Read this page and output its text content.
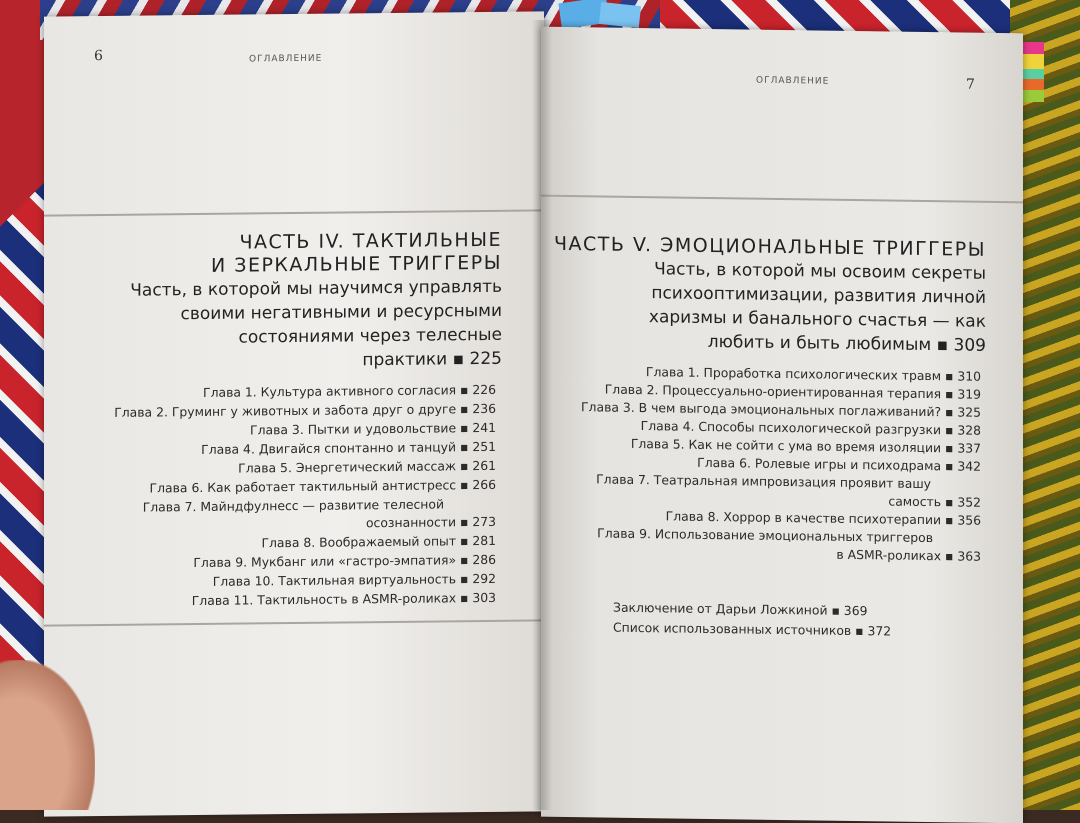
6	ОГЛАВЛЕНИЕ
ЧАСТЬ IV. ТАКТИЛЬНЫЕ
И ЗЕРКАЛЬНЫЕ ТРИГГЕРЫ
Часть, в которой мы научимся управлять
своими негативными и ресурсными
состояниями через телесные
практики ▪ 225
Глава 1. Культура активного согласия ▪ 226
Глава 2. Груминг у животных и забота друг о друге ▪ 236
Глава 3. Пытки и удовольствие ▪ 241
Глава 4. Двигайся спонтанно и танцуй ▪ 251
Глава 5. Энергетический массаж ▪ 261
Глава 6. Как работает тактильный антистресс ▪ 266
Глава 7. Майндфулнесс — развитие телесной
осознанности ▪ 273
Глава 8. Воображаемый опыт ▪ 281
Глава 9. Мукбанг или «гастро-эмпатия» ▪ 286
Глава 10. Тактильная виртуальность ▪ 292
Глава 11. Тактильность в ASMR-роликах ▪ 303
ОГЛАВЛЕНИЕ	7
ЧАСТЬ V. ЭМОЦИОНАЛЬНЫЕ ТРИГГЕРЫ
Часть, в которой мы освоим секреты
психооптимизации, развития личной
харизмы и банального счастья — как
любить и быть любимым ▪ 309
Глава 1. Проработка психологических травм ▪ 310
Глава 2. Процессуально-ориентированная терапия ▪ 319
Глава 3. В чем выгода эмоциональных поглаживаний? ▪ 325
Глава 4. Способы психологической разгрузки ▪ 328
Глава 5. Как не сойти с ума во время изоляции ▪ 337
Глава 6. Ролевые игры и психодрама ▪ 342
Глава 7. Театральная импровизация проявит вашу
самость ▪ 352
Глава 8. Хоррор в качестве психотерапии ▪ 356
Глава 9. Использование эмоциональных триггеров
в ASMR-роликах ▪ 363
Заключение от Дарьи Ложкиной ▪ 369
Список использованных источников ▪ 372
